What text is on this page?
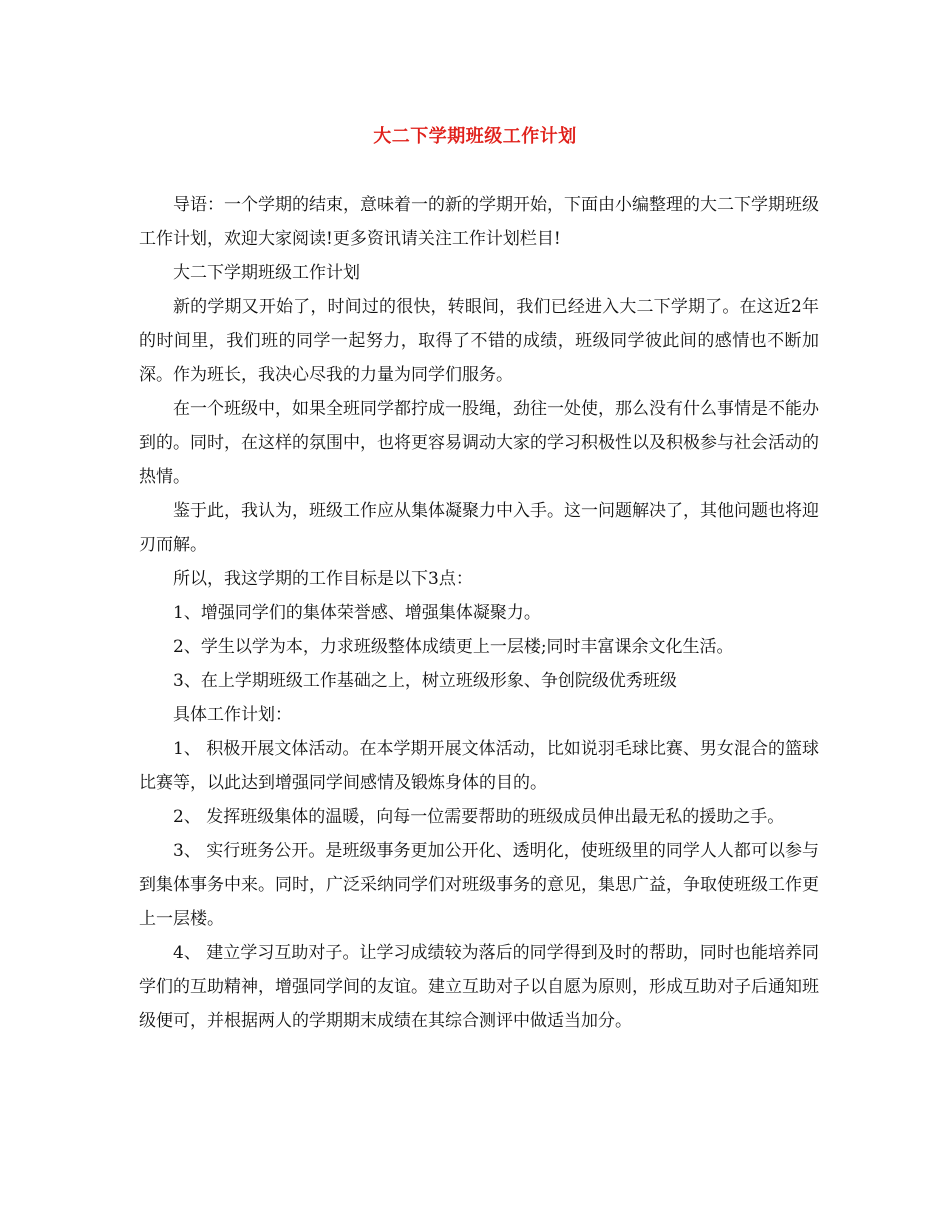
大二下学期班级工作计划

导语：一个学期的结束，意味着一的新的学期开始，下面由小编整理的大二下学期班级工作计划，欢迎大家阅读!更多资讯请关注工作计划栏目!

大二下学期班级工作计划

新的学期又开始了，时间过的很快，转眼间，我们已经进入大二下学期了。在这近2年的时间里，我们班的同学一起努力，取得了不错的成绩，班级同学彼此间的感情也不断加深。作为班长，我决心尽我的力量为同学们服务。

在一个班级中，如果全班同学都拧成一股绳，劲往一处使，那么没有什么事情是不能办到的。同时，在这样的氛围中，也将更容易调动大家的学习积极性以及积极参与社会活动的热情。

鉴于此，我认为，班级工作应从集体凝聚力中入手。这一问题解决了，其他问题也将迎刃而解。

所以，我这学期的工作目标是以下3点：

1、增强同学们的集体荣誉感、增强集体凝聚力。

2、学生以学为本，力求班级整体成绩更上一层楼;同时丰富课余文化生活。

3、在上学期班级工作基础之上，树立班级形象、争创院级优秀班级

具体工作计划：

1、 积极开展文体活动。在本学期开展文体活动，比如说羽毛球比赛、男女混合的篮球比赛等，以此达到增强同学间感情及锻炼身体的目的。

2、 发挥班级集体的温暖，向每一位需要帮助的班级成员伸出最无私的援助之手。

3、 实行班务公开。是班级事务更加公开化、透明化，使班级里的同学人人都可以参与到集体事务中来。同时，广泛采纳同学们对班级事务的意见，集思广益，争取使班级工作更上一层楼。

4、 建立学习互助对子。让学习成绩较为落后的同学得到及时的帮助，同时也能培养同学们的互助精神，增强同学间的友谊。建立互助对子以自愿为原则，形成互助对子后通知班级便可，并根据两人的学期期末成绩在其综合测评中做适当加分。
